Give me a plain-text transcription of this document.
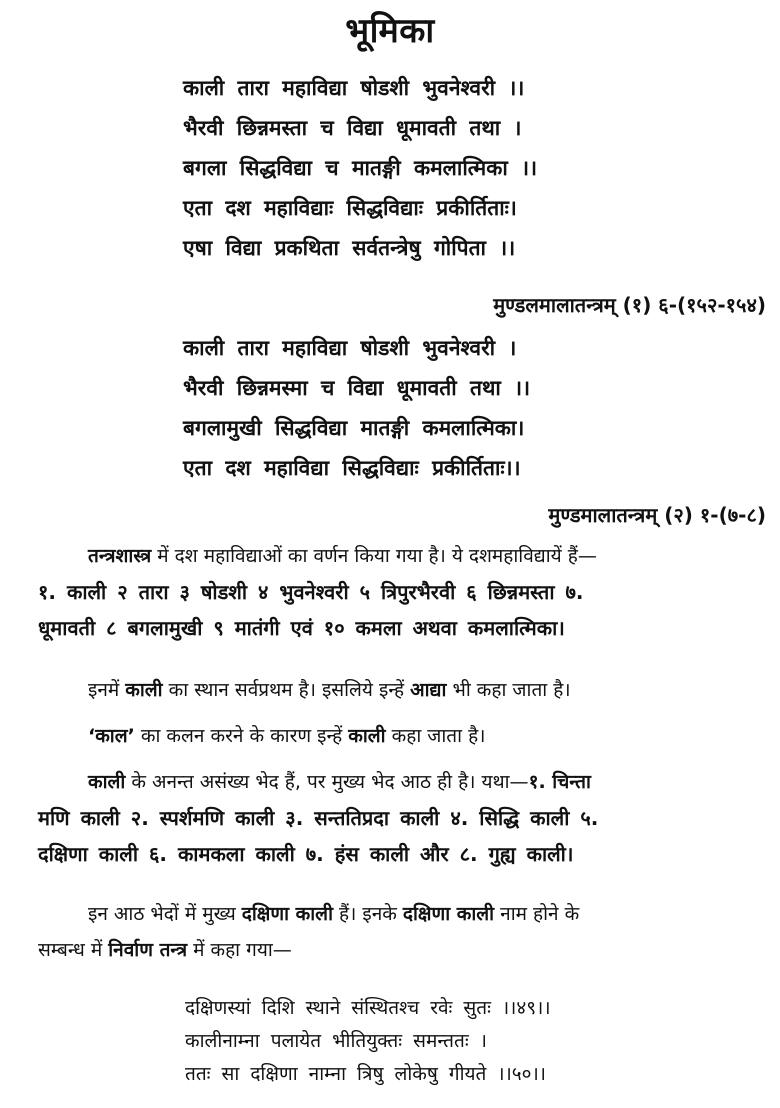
भूमिका
काली तारा महाविद्या षोडशी भुवनेश्वरी ।।
भैरवी छिन्नमस्ता च विद्या धूमावती तथा ।
बगला सिद्धविद्या च मातङ्गी कमलात्मिका ।।
एता दश महाविद्याः सिद्धविद्याः प्रकीर्तिताः।
एषा विद्या प्रकथिता सर्वतन्त्रेषु गोपिता ।।
मुण्डलमालातन्त्रम् (१) ६-(१५२-१५४)
काली तारा महाविद्या षोडशी भुवनेश्वरी ।
भैरवी छिन्नमस्मा च विद्या धूमावती तथा ।।
बगलामुखी सिद्धविद्या मातङ्गी कमलात्मिका।
एता दश महाविद्या सिद्धविद्याः प्रकीर्तिताः।।
मुण्डमालातन्त्रम् (२) १-(७-८)
तन्त्रशास्त्र में दश महाविद्याओं का वर्णन किया गया है। ये दशमहाविद्यायें हैं—
१. काली २ तारा ३ षोडशी ४ भुवनेश्वरी ५ त्रिपुरभैरवी ६ छिन्नमस्ता ७.
धूमावती ८ बगलामुखी ९ मातंगी एवं १० कमला अथवा कमलात्मिका।
इनमें काली का स्थान सर्वप्रथम है। इसलिये इन्हें आद्या भी कहा जाता है।
‘काल’ का कलन करने के कारण इन्हें काली कहा जाता है।
काली के अनन्त असंख्य भेद हैं, पर मुख्य भेद आठ ही है। यथा—१. चिन्ता
मणि काली २. स्पर्शमणि काली ३. सन्ततिप्रदा काली ४. सिद्धि काली ५.
दक्षिणा काली ६. कामकला काली ७. हंस काली और ८. गुह्य काली।
इन आठ भेदों में मुख्य दक्षिणा काली हैं। इनके दक्षिणा काली नाम होने के
सम्बन्ध में निर्वाण तन्त्र में कहा गया—
दक्षिणस्यां दिशि स्थाने संस्थितश्च रवेः सुतः ।।४९।।
कालीनाम्ना पलायेत भीतियुक्तः समन्ततः ।
ततः सा दक्षिणा नाम्ना त्रिषु लोकेषु गीयते ।।५०।।
